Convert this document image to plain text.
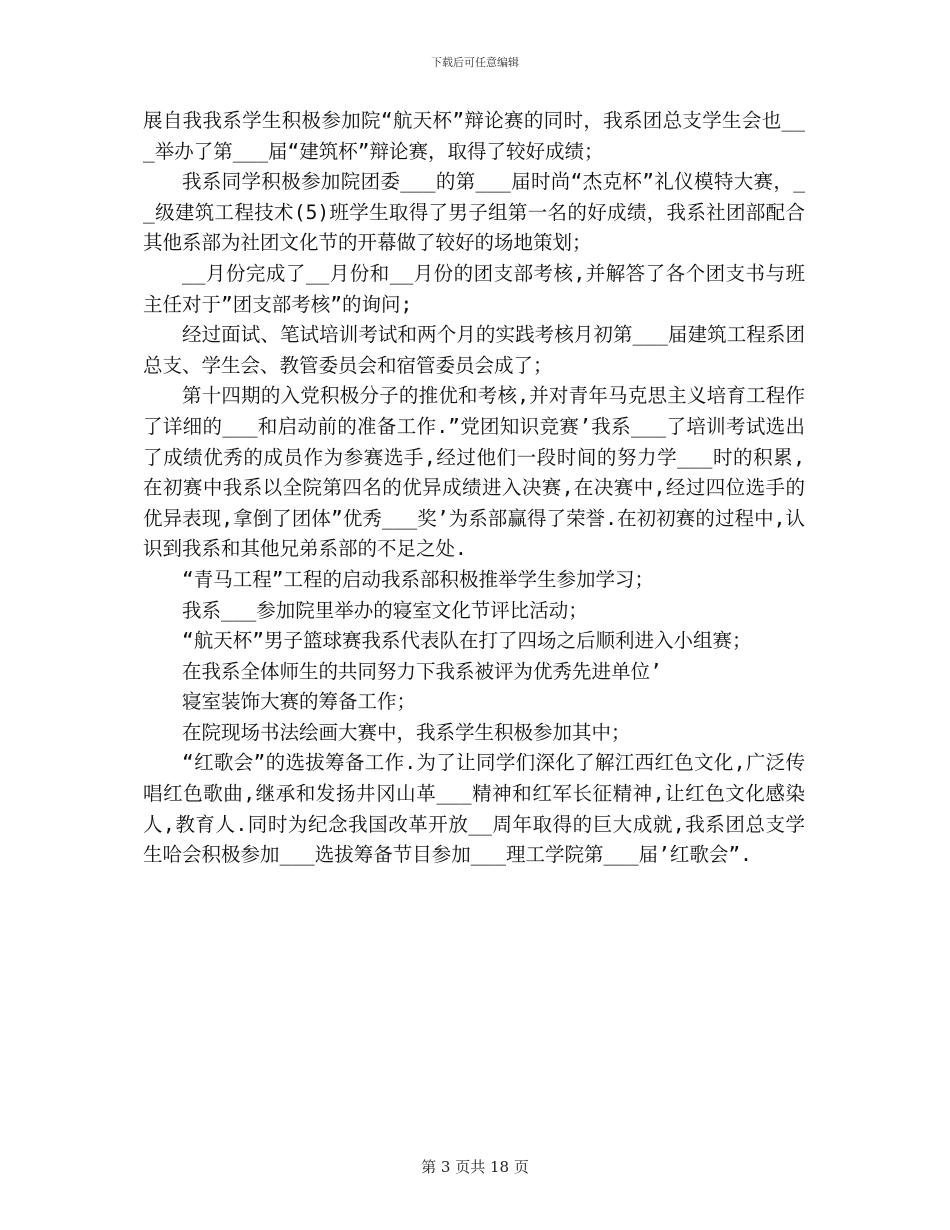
下载后可任意编辑

展自我我系学生积极参加院“航天杯”辩论赛的同时，我系团总支学生会也___举办了第___届“建筑杯”辩论赛，取得了较好成绩；

我系同学积极参加院团委___的第___届时尚“杰克杯”礼仪模特大赛，__级建筑工程技术(5)班学生取得了男子组第一名的好成绩，我系社团部配合其他系部为社团文化节的开幕做了较好的场地策划；

__月份完成了__月份和__月份的团支部考核,并解答了各个团支书与班主任对于”团支部考核”的询问;

经过面试、笔试培训考试和两个月的实践考核月初第___届建筑工程系团总支、学生会、教管委员会和宿管委员会成了；

第十四期的入党积极分子的推优和考核,并对青年马克思主义培育工程作了详细的___和启动前的准备工作.”党团知识竞赛’我系___了培训考试选出了成绩优秀的成员作为参赛选手,经过他们一段时间的努力学___时的积累,在初赛中我系以全院第四名的优异成绩进入决赛,在决赛中,经过四位选手的优异表现,拿倒了团体”优秀___奖’为系部赢得了荣誉.在初初赛的过程中,认识到我系和其他兄弟系部的不足之处.

“青马工程”工程的启动我系部积极推举学生参加学习；

我系___参加院里举办的寝室文化节评比活动；

“航天杯”男子篮球赛我系代表队在打了四场之后顺利进入小组赛；

在我系全体师生的共同努力下我系被评为优秀先进单位’

寝室装饰大赛的筹备工作；

在院现场书法绘画大赛中，我系学生积极参加其中；

“红歌会”的选拔筹备工作.为了让同学们深化了解江西红色文化,广泛传唱红色歌曲,继承和发扬井冈山革___精神和红军长征精神,让红色文化感染人,教育人.同时为纪念我国改革开放__周年取得的巨大成就,我系团总支学生哈会积极参加___选拔筹备节目参加___理工学院第___届’红歌会”.

第 3 页共 18 页
